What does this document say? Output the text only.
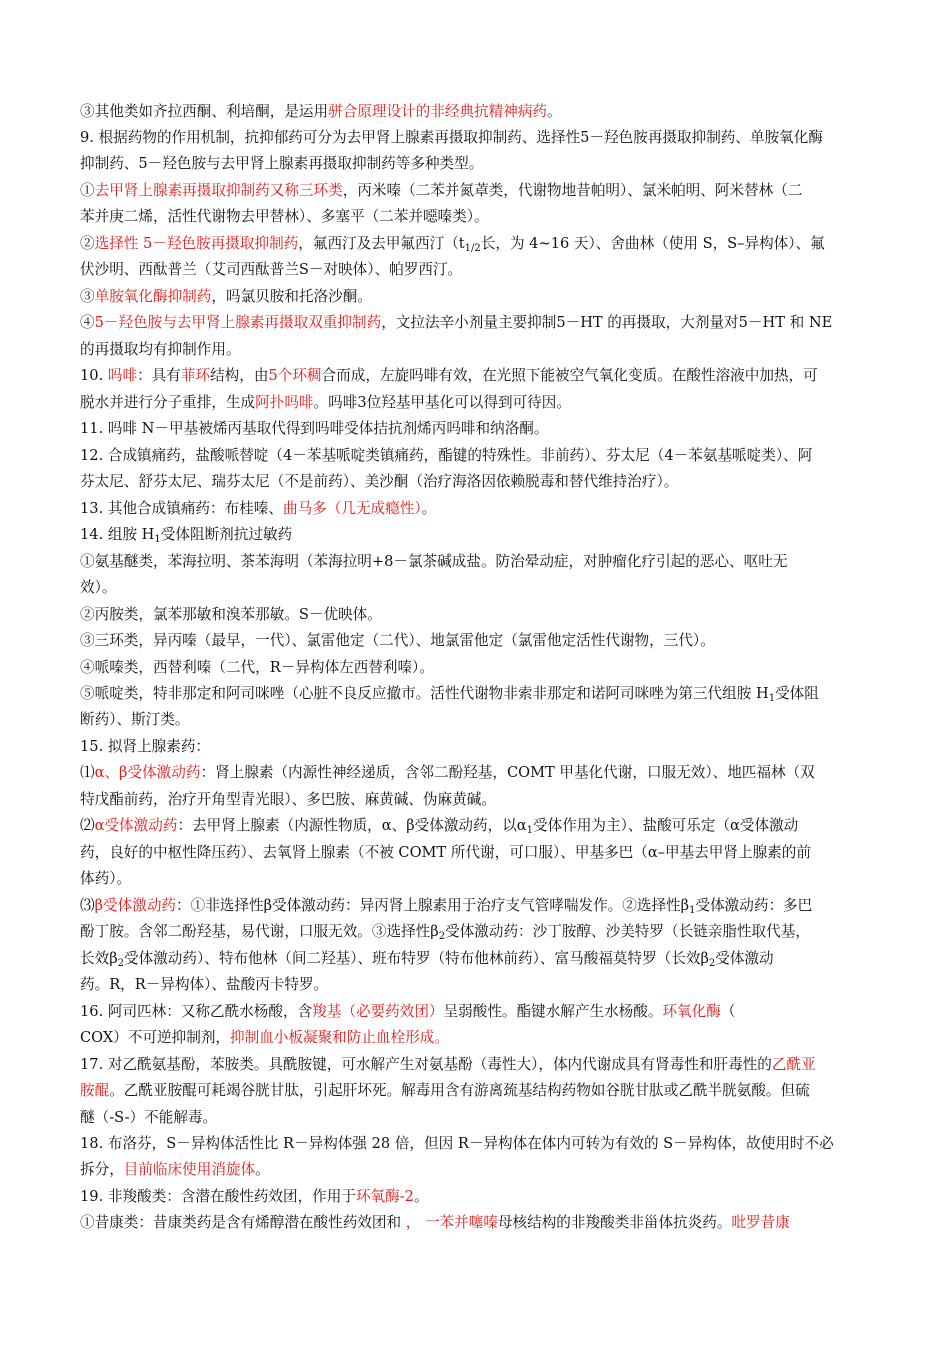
③其他类如齐拉西酮、利培酮，是运用骈合原理设计的非经典抗精神病药。
9. 根据药物的作用机制，抗抑郁药可分为去甲肾上腺素再摄取抑制药、选择性5－羟色胺再摄取抑制药、单胺氧化酶
抑制药、5－羟色胺与去甲肾上腺素再摄取抑制药等多种类型。
①去甲肾上腺素再摄取抑制药又称三环类，丙米嗪（二苯并氮䓬类，代谢物地昔帕明）、氯米帕明、阿米替林（二
苯并庚二烯，活性代谢物去甲替林）、多塞平（二苯并噁嗪类）。
②选择性 5－羟色胺再摄取抑制药，氟西汀及去甲氟西汀（$t_{1/2}$长，为 4~16 天）、舍曲林（使用 S，S–异构体）、氟
伏沙明、西酞普兰（艾司西酞普兰S－对映体）、帕罗西汀。
③单胺氧化酶抑制药，吗氯贝胺和托洛沙酮。
④5－羟色胺与去甲肾上腺素再摄取双重抑制药，文拉法辛小剂量主要抑制5－HT 的再摄取，大剂量对5－HT 和 NE
的再摄取均有抑制作用。
10. 吗啡：具有菲环结构，由5个环稠合而成，左旋吗啡有效，在光照下能被空气氧化变质。在酸性溶液中加热，可
脱水并进行分子重排，生成阿扑吗啡。吗啡3位羟基甲基化可以得到可待因。
11. 吗啡 N－甲基被烯丙基取代得到吗啡受体拮抗剂烯丙吗啡和纳洛酮。
12. 合成镇痛药，盐酸哌替啶（4－苯基哌啶类镇痛药，酯键的特殊性。非前药）、芬太尼（4－苯氨基哌啶类）、阿
芬太尼、舒芬太尼、瑞芬太尼（不是前药）、美沙酮（治疗海洛因依赖脱毒和替代维持治疗）。
13. 其他合成镇痛药：布桂嗪、曲马多（几无成瘾性）。
14. 组胺 $H_1$受体阻断剂抗过敏药
①氨基醚类，苯海拉明、茶苯海明（苯海拉明+8－氯茶碱成盐。防治晕动症，对肿瘤化疗引起的恶心、呕吐无
效）。
②丙胺类，氯苯那敏和溴苯那敏。S－优映体。
③三环类，异丙嗪（最早，一代）、氯雷他定（二代）、地氯雷他定（氯雷他定活性代谢物，三代）。
④哌嗪类，西替利嗪（二代，R－异构体左西替利嗪）。
⑤哌啶类，特非那定和阿司咪唑（心脏不良反应撤市。活性代谢物非索非那定和诺阿司咪唑为第三代组胺 $H_1$受体阻
断药）、斯汀类。
15. 拟肾上腺素药：
⑴α、β受体激动药：肾上腺素（内源性神经递质，含邻二酚羟基，COMT 甲基化代谢，口服无效）、地匹福林（双
特戊酯前药，治疗开角型青光眼）、多巴胺、麻黄碱、伪麻黄碱。
⑵α受体激动药：去甲肾上腺素（内源性物质，α、β受体激动药，以$\alpha_1$受体作用为主）、盐酸可乐定（α受体激动
药，良好的中枢性降压药）、去氧肾上腺素（不被 COMT 所代谢，可口服）、甲基多巴（α–甲基去甲肾上腺素的前
体药）。
⑶β受体激动药：①非选择性β受体激动药：异丙肾上腺素用于治疗支气管哮喘发作。②选择性$\beta_1$受体激动药：多巴
酚丁胺。含邻二酚羟基，易代谢，口服无效。③选择性$\beta_2$受体激动药：沙丁胺醇、沙美特罗（长链亲脂性取代基，
长效$\beta_2$受体激动药）、特布他林（间二羟基）、班布特罗（特布他林前药）、富马酸福莫特罗（长效$\beta_2$受体激动
药。R，R－异构体）、盐酸丙卡特罗。
16. 阿司匹林：又称乙酰水杨酸，含羧基（必要药效团）呈弱酸性。酯键水解产生水杨酸。环氧化酶（
COX）不可逆抑制剂，抑制血小板凝聚和防止血栓形成。
17. 对乙酰氨基酚，苯胺类。具酰胺键，可水解产生对氨基酚（毒性大），体内代谢成具有肾毒性和肝毒性的乙酰亚
胺醌。乙酰亚胺醌可耗竭谷胱甘肽，引起肝坏死。解毒用含有游离巯基结构药物如谷胱甘肽或乙酰半胱氨酸。但硫
醚（-S-）不能解毒。
18. 布洛芬，S－异构体活性比 R－异构体强 28 倍，但因 R－异构体在体内可转为有效的 S－异构体，故使用时不必
拆分，目前临床使用消旋体。
19. 非羧酸类：含潜在酸性药效团，作用于环氧酶-2。
①昔康类：昔康类药是含有烯醇潜在酸性药效团和 ， 一苯并噻嗪母核结构的非羧酸类非甾体抗炎药。吡罗昔康
